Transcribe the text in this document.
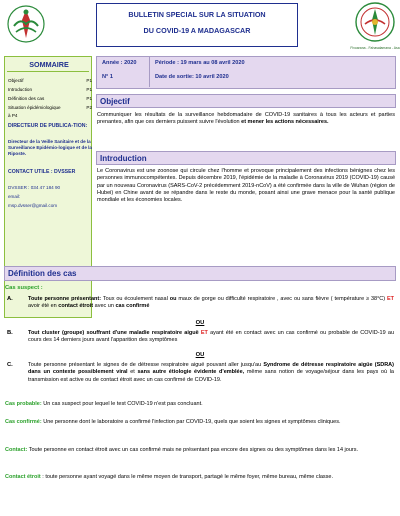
BULLETIN SPECIAL SUR LA SITUATION
DU COVID-19 A MADAGASCAR
Fivoarana - Fahasalamana - Asa
SOMMAIRE
Objectif	P1
Introduction	P1
Définition des cas	P1
Situation épidémiologique	P2
à P4
DIRECTEUR DE PUBLICA-TION:
Directeur de la Veille Sanitaire et de la Surveillance Epidémio-logique et de la Riposte.
CONTACT UTILE : DVSSER
DVSSER : 034 47 184 90
email:
msp.dvsser@gmail.com
Année : 2020
N° 1
Période : 19 mars au 08 avril 2020
Date de sortie: 10 avril 2020
Objectif
Communiquer les résultats de la surveillance hebdomadaire de COVID-19 sanitaires à tous les acteurs et parties prenantes, afin que ces derniers puissent suivre l'évolution et mener les actions nécessaires.
Introduction
Le Coronavirus est une zoonose qui circule chez l'homme et provoque principalement des infections bénignes chez les personnes immunocompétentes. Depuis décembre 2019, l'épidémie de la maladie à Coronavirus 2019 (COVID-19) causé par un nouveau Coronavirus (SARS-CoV-2 précédemment 2019-nCoV) a été confirmée dans la ville de Wuhan (région de Hubei) en Chine avant de se répandre dans le reste du monde, posant ainsi une grave menace pour la santé publique mondiale et les économies locales.
Définition des cas
Cas suspect :
A.	Toute personne présentant: Toux ou écoulement nasal ou maux de gorge ou difficulté respiratoire , avec ou sans fièvre ( température ≥ 38°C) ET avoir été en contact étroit avec un cas confirmé
OU
B.	Tout cluster (groupe) souffrant d'une maladie respiratoire aiguë ET ayant été en contact avec un cas confirmé ou probable de COVID-19 au cours des 14 derniers jours avant l'apparition des symptômes
OU
C.	Toute personne présentant le signes de de détresse respiratoire aiguë pouvant aller jusqu'au Syndrome de détresse respiratoire aigüe (SDRA) dans un contexte possiblement viral et sans autre étiologie évidente d'emblée, même sans notion de voyage/séjour dans les pays où la transmission est active ou de contact étroit avec un cas confirmé de COVID-19.
Cas probable: Un cas suspect pour lequel le test COVID-19 n'est pas concluant.
Cas confirmé: Une personne dont le laboratoire a confirmé l'infection par COVID-19, quels que soient les signes et symptômes cliniques.
Contact: Toute personne en contact étroit avec un cas confirmé mais ne présentant pas encore des signes ou des symptômes dans les 14 jours.
Contact étroit : toute personne ayant voyagé dans le même moyen de transport, partagé le même foyer, même bureau, même classe.
